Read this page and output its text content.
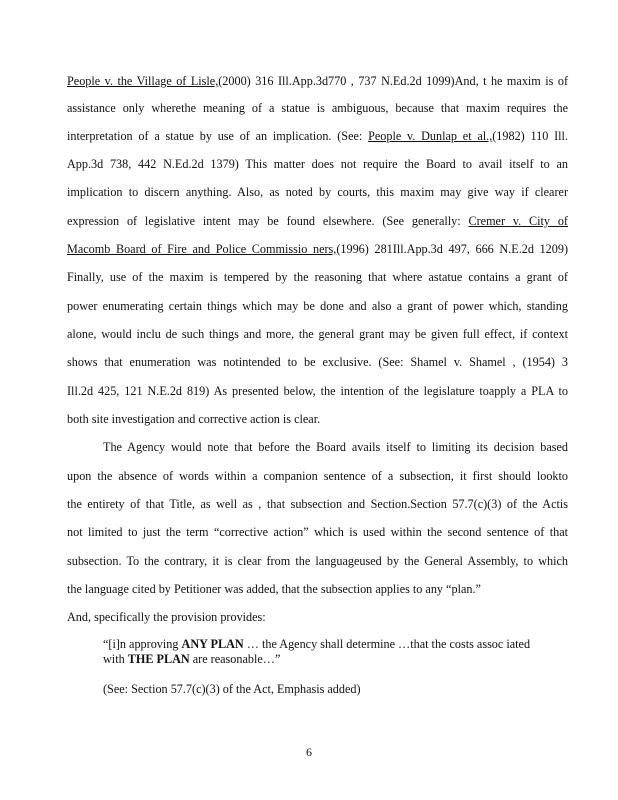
People v. the Village of Lisle,(2000) 316 Ill.App.3d770 , 737 N.Ed.2d 1099)And, t he maxim is of
assistance only wherethe meaning of a statue is ambiguous, because that maxim requires the
interpretation of a statue by use of an implication. (See: People v. Dunlap et al.,(1982) 110 Ill.
App.3d 738, 442 N.Ed.2d 1379) This matter does not require the Board to avail itself to an
implication to discern anything. Also, as noted by courts, this maxim may give way if clearer
expression of legislative intent may be found elsewhere. (See generally: Cremer v. City of
Macomb Board of Fire and Police Commissio ners,(1996) 281Ill.App.3d 497, 666 N.E.2d 1209)
Finally, use of the maxim is tempered by the reasoning that where astatue contains a grant of
power enumerating certain things which may be done and also a grant of power which, standing
alone, would inclu de such things and more, the general grant may be given full effect, if context
shows that enumeration was notintended to be exclusive. (See: Shamel v. Shamel , (1954) 3
Ill.2d 425, 121 N.E.2d 819) As presented below, the intention of the legislature toapply a PLA to
both site investigation and corrective action is clear.
The Agency would note that before the Board avails itself to limiting its decision based
upon the absence of words within a companion sentence of a subsection, it first should lookto
the entirety of that Title, as well as , that subsection and Section.Section 57.7(c)(3) of the Actis
not limited to just the term “corrective action” which is used within the second sentence of that
subsection. To the contrary, it is clear from the languageused by the General Assembly, to which
the language cited by Petitioner was added, that the subsection applies to any “plan.”
And, specifically the provision provides:
“[i]n approving ANY PLAN … the Agency shall determine …that the costs assoc iated
with THE PLAN are reasonable…”
(See: Section 57.7(c)(3) of the Act, Emphasis added)
6
